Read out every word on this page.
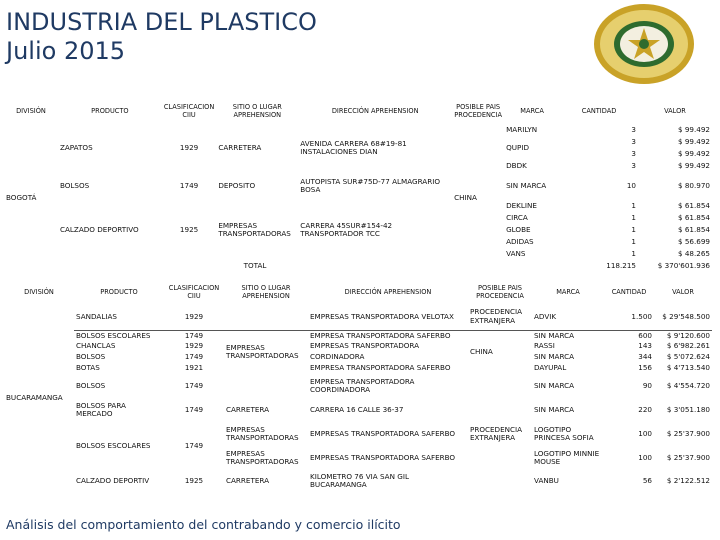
INDUSTRIA DEL PLASTICO
Julio 2015
DIVISIÓN	PRODUCTO	CLASIFICACION CIIU	SITIO O LUGAR APREHENSION	DIRECCIÓN APREHENSION	POSIBLE PAIS PROCEDENCIA	MARCA	CANTIDAD	VALOR
BOGOTÁ	ZAPATOS	1929	CARRETERA	AVENIDA CARRERA 68#19-81 INSTALACIONES DIAN	CHINA	MARILYN	3	$ 99.492
						QUPID	3	$ 99.492
							3	$ 99.492
						DBDK	3	$ 99.492
	BOLSOS	1749	DEPOSITO	AUTOPISTA SUR#75D-77 ALMAGRARIO BOSA		SIN MARCA	10	$ 80.970
	CALZADO DEPORTIVO	1925	EMPRESAS TRANSPORTADORAS	CARRERA 45SUR#154-42 TRANSPORTADOR TCC		DEKLINE	1	$ 61.854
						CIRCA	1	$ 61.854
						GLOBE	1	$ 61.854
						ADIDAS	1	$ 56.699
						VANS	1	$ 48.265
	TOTAL						118.215	$ 370'601.936
DIVISIÓN	PRODUCTO	CLASIFICACION CIIU	SITIO O LUGAR APREHENSION	DIRECCIÓN APREHENSION	POSIBLE PAIS PROCEDENCIA	MARCA	CANTIDAD	VALOR
BUCARAMANGA	SANDALIAS	1929		EMPRESAS TRANSPORTADORA VELOTAX	PROCEDENCIA EXTRANJERA	ADVIK	1.500	$ 29'548.500
	BOLSOS ESCOLARES	1749	EMPRESAS TRANSPORTADORAS	EMPRESA TRANSPORTADORA SAFERBO	CHINA	SIN MARCA	600	$ 9'120.600
	CHANCLAS	1929		EMPRESAS TRANSPORTADORA		RASSI	143	$ 6'982.261
	BOLSOS	1749		CORDINADORA		SIN MARCA	344	$ 5'072.624
	BOTAS	1921		EMPRESA TRANSPORTADORA SAFERBO		DAYUPAL	156	$ 4'713.540
	BOLSOS	1749		EMPRESA TRANSPORTADORA COORDINADORA		SIN MARCA	90	$ 4'554.720
	BOLSOS PARA MERCADO	1749	CARRETERA	CARRERA 16 CALLE 36-37	PROCEDENCIA EXTRANJERA	SIN MARCA	220	$ 3'051.180
	BOLSOS ESCOLARES	1749	EMPRESAS TRANSPORTADORAS	EMPRESAS TRANSPORTADORA SAFERBO		LOGOTIPO PRINCESA SOFIA	100	$ 25'37.900
			EMPRESAS TRANSPORTADORAS	EMPRESAS TRANSPORTADORA SAFERBO		LOGOTIPO MINNIE MOUSE	100	$ 25'37.900
	CALZADO DEPORTIV	1925	CARRETERA	KILOMETRO 76 VIA SAN GIL BUCARAMANGA		VANBU	56	$ 2'122.512
Análisis del comportamiento del contrabando y comercio ilícito
